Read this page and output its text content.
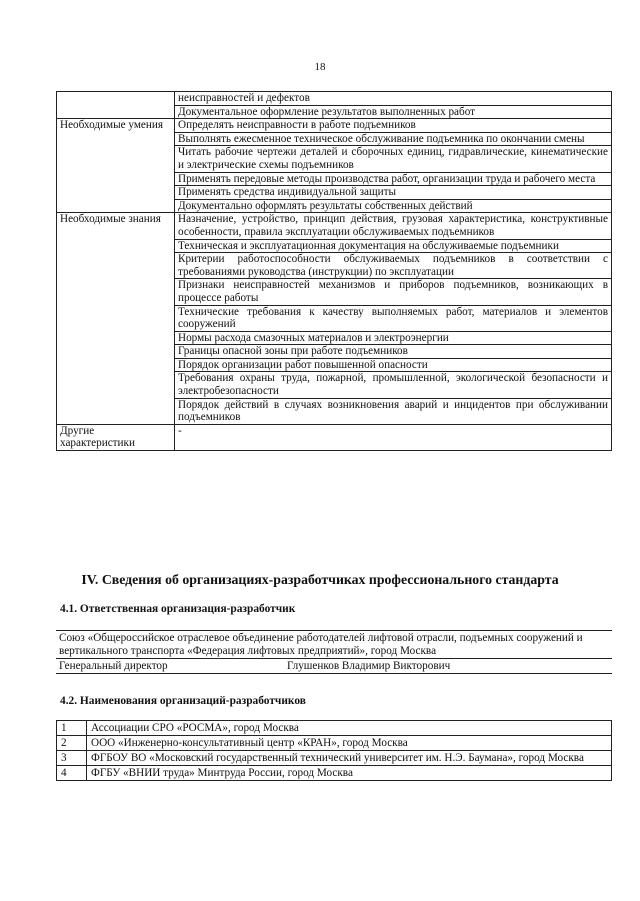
18
	неисправностей и дефектов
	Документальное оформление результатов выполненных работ
Необходимые умения	Определять неисправности в работе подъемников
	Выполнять ежесменное техническое обслуживание подъемника по окончании смены
	Читать рабочие чертежи деталей и сборочных единиц, гидравлические, кинематические и электрические схемы подъемников
	Применять передовые методы производства работ, организации труда и рабочего места
	Применять средства индивидуальной защиты
	Документально оформлять результаты собственных действий
Необходимые знания	Назначение, устройство, принцип действия, грузовая характеристика, конструктивные особенности, правила эксплуатации обслуживаемых подъемников
	Техническая и эксплуатационная документация на обслуживаемые подъемники
	Критерии работоспособности обслуживаемых подъемников в соответствии с требованиями руководства (инструкции) по эксплуатации
	Признаки неисправностей механизмов и приборов подъемников, возникающих в процессе работы
	Технические требования к качеству выполняемых работ, материалов и элементов сооружений
	Нормы расхода смазочных материалов и электроэнергии
	Границы опасной зоны при работе подъемников
	Порядок организации работ повышенной опасности
	Требования охраны труда, пожарной, промышленной, экологической безопасности и электробезопасности
	Порядок действий в случаях возникновения аварий и инцидентов при обслуживании подъемников
Другие характеристики	-
IV. Сведения об организациях-разработчиках профессионального стандарта
4.1. Ответственная организация-разработчик
Союз «Общероссийское отраслевое объединение работодателей лифтовой отрасли, подъемных сооружений и вертикального транспорта «Федерация лифтовых предприятий», город Москва
Генеральный директор	Глушенков Владимир Викторович
4.2. Наименования организаций-разработчиков
1	Ассоциации СРО «РОСМА», город Москва
2	ООО «Инженерно-консультативный центр «КРАН», город Москва
3	ФГБОУ ВО «Московский государственный технический университет им. Н.Э. Баумана», город Москва
4	ФГБУ «ВНИИ труда» Минтруда России, город Москва
